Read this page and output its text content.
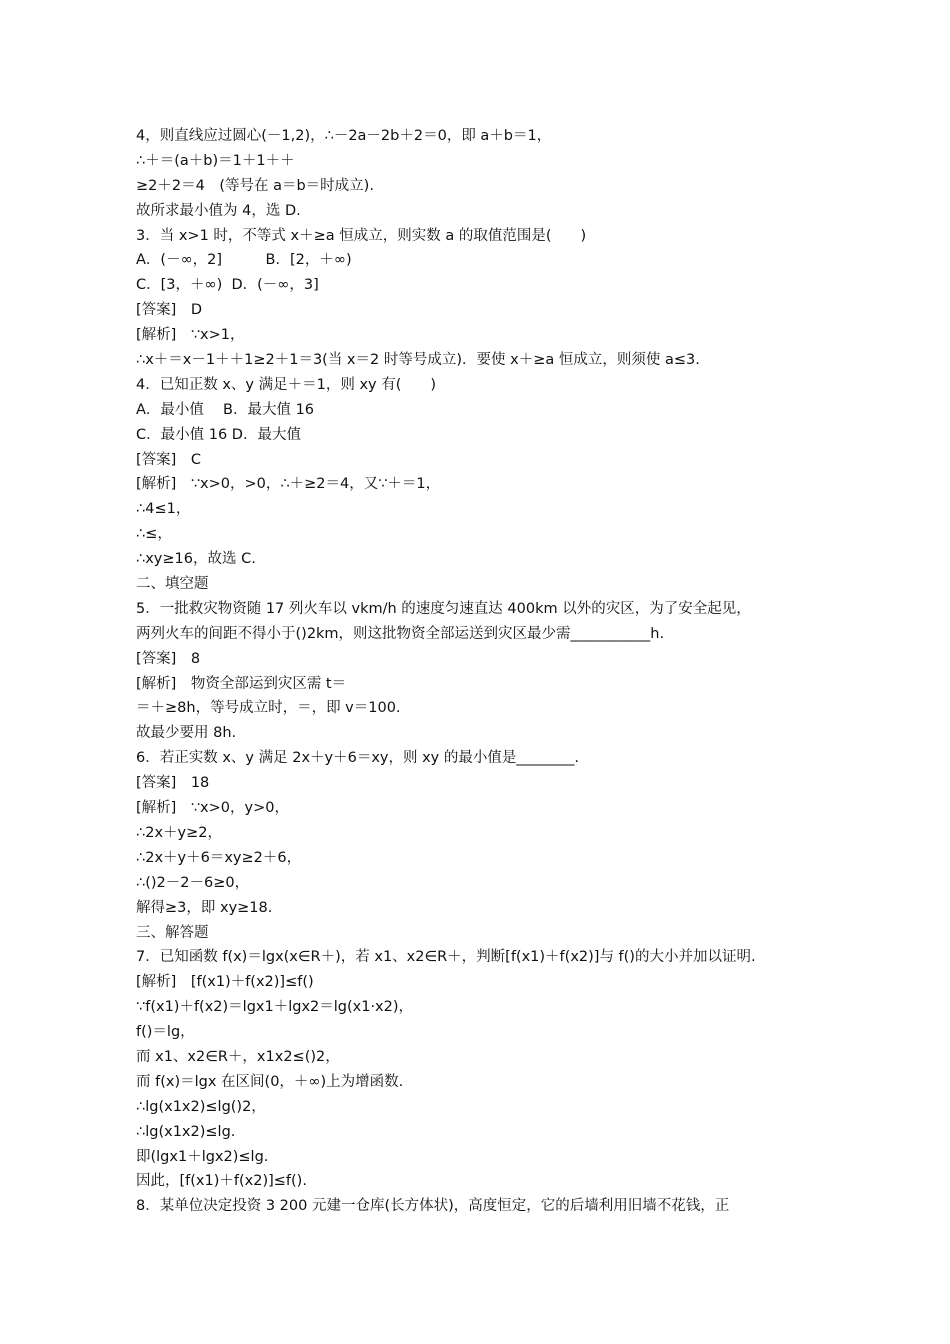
4，则直线应过圆心(－1,2)，∴－2a－2b＋2＝0，即 a＋b＝1，
∴＋＝(a＋b)＝1＋1＋＋
≥2＋2＝4　(等号在 a＝b＝时成立).
故所求最小值为 4，选 D.
3．当 x>1 时，不等式 x＋≥a 恒成立，则实数 a 的取值范围是(　　)
A．(－∞，2]　　　B．[2，＋∞)
C．[3，＋∞)  D．(－∞，3]
[答案]　D
[解析]　∵x>1，
∴x＋＝x－1＋＋1≥2＋1＝3(当 x＝2 时等号成立)．要使 x＋≥a 恒成立，则须使 a≤3.
4．已知正数 x、y 满足＋＝1，则 xy 有(　　)
A．最小值　 B．最大值 16
C．最小值 16 D．最大值
[答案]　C
[解析]　∵x>0，>0，∴＋≥2＝4，又∵＋＝1，
∴4≤1，
∴≤，
∴xy≥16，故选 C.
二、填空题
5．一批救灾物资随 17 列火车以 vkm/h 的速度匀速直达 400km 以外的灾区，为了安全起见，
两列火车的间距不得小于()2km，则这批物资全部运送到灾区最少需___________h.
[答案]　8
[解析]　物资全部运到灾区需 t＝
＝＋≥8h，等号成立时，＝，即 v＝100.
故最少要用 8h.
6．若正实数 x、y 满足 2x＋y＋6＝xy，则 xy 的最小值是________.
[答案]　18
[解析]　∵x>0，y>0，
∴2x＋y≥2，
∴2x＋y＋6＝xy≥2＋6，
∴()2－2－6≥0，
解得≥3，即 xy≥18.
三、解答题
7．已知函数 f(x)＝lgx(x∈R＋)，若 x1、x2∈R＋，判断[f(x1)＋f(x2)]与 f()的大小并加以证明.
[解析]　[f(x1)＋f(x2)]≤f()
∵f(x1)＋f(x2)＝lgx1＋lgx2＝lg(x1·x2)，
f()＝lg，
而 x1、x2∈R＋，x1x2≤()2，
而 f(x)＝lgx 在区间(0，＋∞)上为增函数.
∴lg(x1x2)≤lg()2，
∴lg(x1x2)≤lg.
即(lgx1＋lgx2)≤lg.
因此，[f(x1)＋f(x2)]≤f().
8．某单位决定投资 3 200 元建一仓库(长方体状)，高度恒定，它的后墙利用旧墙不花钱，正
